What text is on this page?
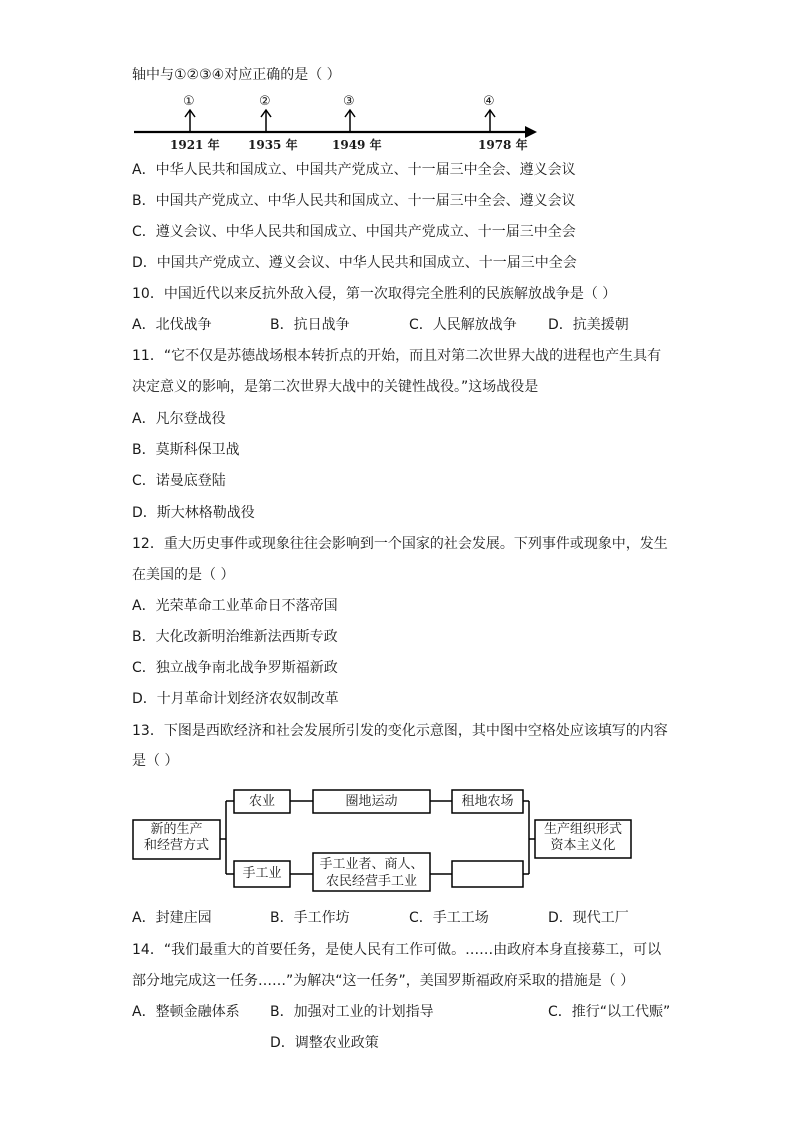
轴中与①②③④对应正确的是（ ）
①	②	③	④
1921 年 1935 年	1949 年	1978 年
A．中华人民共和国成立、中国共产党成立、十一届三中全会、遵义会议
B．中国共产党成立、中华人民共和国成立、十一届三中全会、遵义会议
C．遵义会议、中华人民共和国成立、中国共产党成立、十一届三中全会
D．中国共产党成立、遵义会议、中华人民共和国成立、十一届三中全会
10．中国近代以来反抗外敌入侵，第一次取得完全胜利的民族解放战争是（ ）
A．北伐战争	B．抗日战争	C．人民解放战争 D．抗美援朝
11．“它不仅是苏德战场根本转折点的开始，而且对第二次世界大战的进程也产生具有
决定意义的影响，是第二次世界大战中的关键性战役。”这场战役是
A．凡尔登战役
B．莫斯科保卫战
C．诺曼底登陆
D．斯大林格勒战役
12．重大历史事件或现象往往会影响到一个国家的社会发展。下列事件或现象中，发生
在美国的是（ ）
A．光荣革命工业革命日不落帝国
B．大化改新明治维新法西斯专政
C．独立战争南北战争罗斯福新政
D．十月革命计划经济农奴制改革
13．下图是西欧经济和社会发展所引发的变化示意图，其中图中空格处应该填写的内容
是（ ）
新的生产
和经营方式
农业	圈地运动	租地农场
手工业
手工业者、商人、
农民经营手工业
生产组织形式
资本主义化
A．封建庄园	B．手工作坊	C．手工工场	D．现代工厂
14．“我们最重大的首要任务，是使人民有工作可做。……由政府本身直接募工，可以
部分地完成这一任务……”为解决“这一任务”，美国罗斯福政府采取的措施是（ ）
A．整顿金融体系 B．加强对工业的计划指导	C．推行“以工代赈”
D．调整农业政策
